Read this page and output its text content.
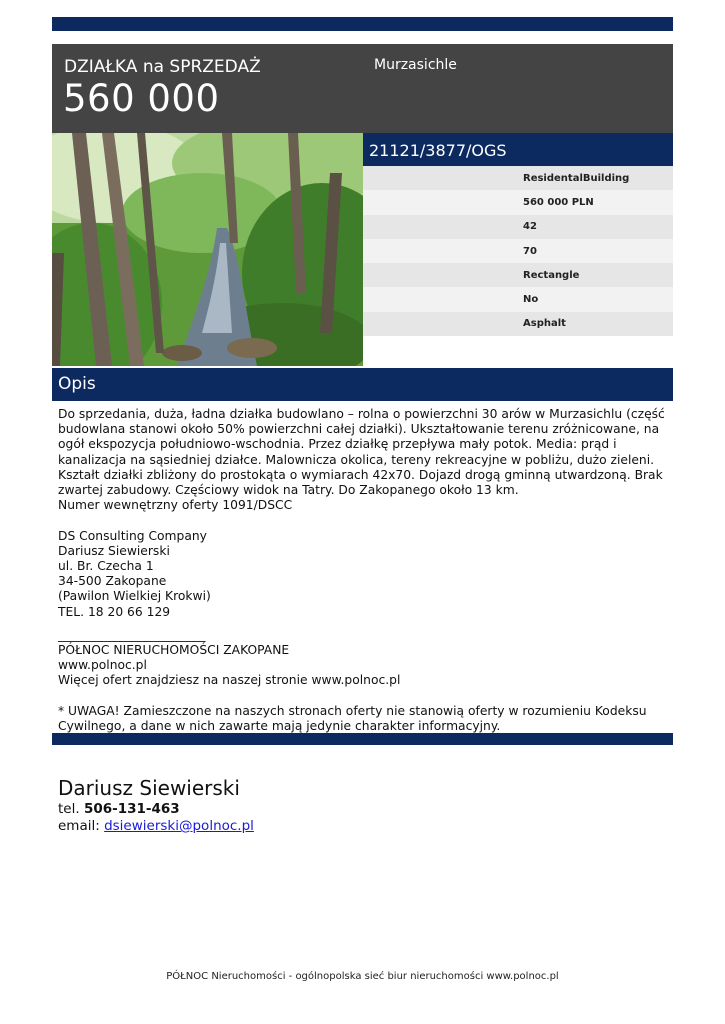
DZIAŁKA na SPRZEDAŻ
560 000
Murzasichle
21121/3877/OGS
ResidentalBuilding
560 000 PLN
42
70
Rectangle
No
Asphalt
Opis

Do sprzedania, duża, ładna działka budowlano – rolna o powierzchni 30 arów w Murzasichlu (część budowlana stanowi około 50% powierzchni całej działki). Ukształtowanie terenu zróżnicowane, na ogół ekspozycja południowo-wschodnia. Przez działkę przepływa mały potok. Media: prąd i kanalizacja na sąsiedniej działce. Malownicza okolica, tereny rekreacyjne w pobliżu, dużo zieleni. Kształt działki zbliżony do prostokąta o wymiarach 42x70. Dojazd drogą gminną utwardzoną. Brak zwartej zabudowy. Częściowy widok na Tatry. Do Zakopanego około 13 km.

Numer wewnętrzny oferty 1091/DSCC

DS Consulting Company

Dariusz Siewierski

ul. Br. Czecha 1

34-500 Zakopane

(Pawilon Wielkiej Krokwi)

TEL. 18 20 66 129

________________________

PÓŁNOC NIERUCHOMOŚCI ZAKOPANE

www.polnoc.pl

Więcej ofert znajdziesz na naszej stronie www.polnoc.pl

* UWAGA! Zamieszczone na naszych stronach oferty nie stanowią oferty w rozumieniu Kodeksu Cywilnego, a dane w nich zawarte mają jedynie charakter informacyjny.

Dariusz Siewierski
tel. 506-131-463
email: dsiewierski@polnoc.pl
PÓŁNOC Nieruchomości - ogólnopolska sieć biur nieruchomości www.polnoc.pl
